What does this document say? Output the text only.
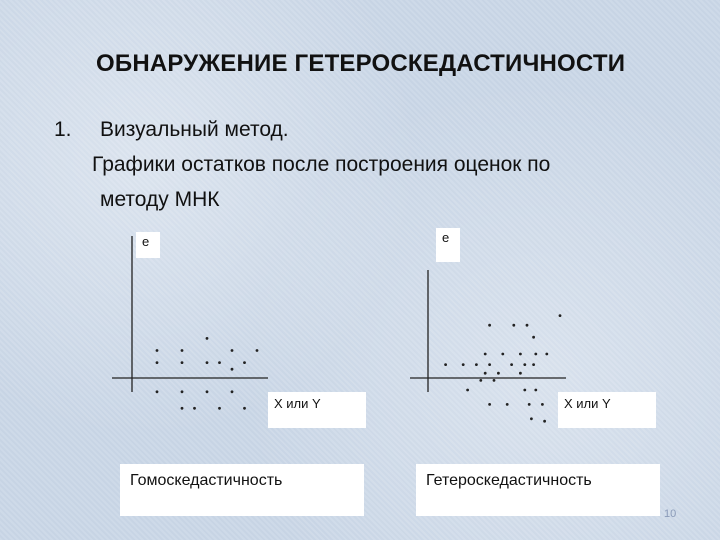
ОБНАРУЖЕНИЕ ГЕТЕРОСКЕДАСТИЧНОСТИ
1. Визуальный метод.
Графики остатков после построения оценок по
методу МНК
e	e
X или Y	X или Y
Гомоскедастичность	Гетероскедастичность
10
